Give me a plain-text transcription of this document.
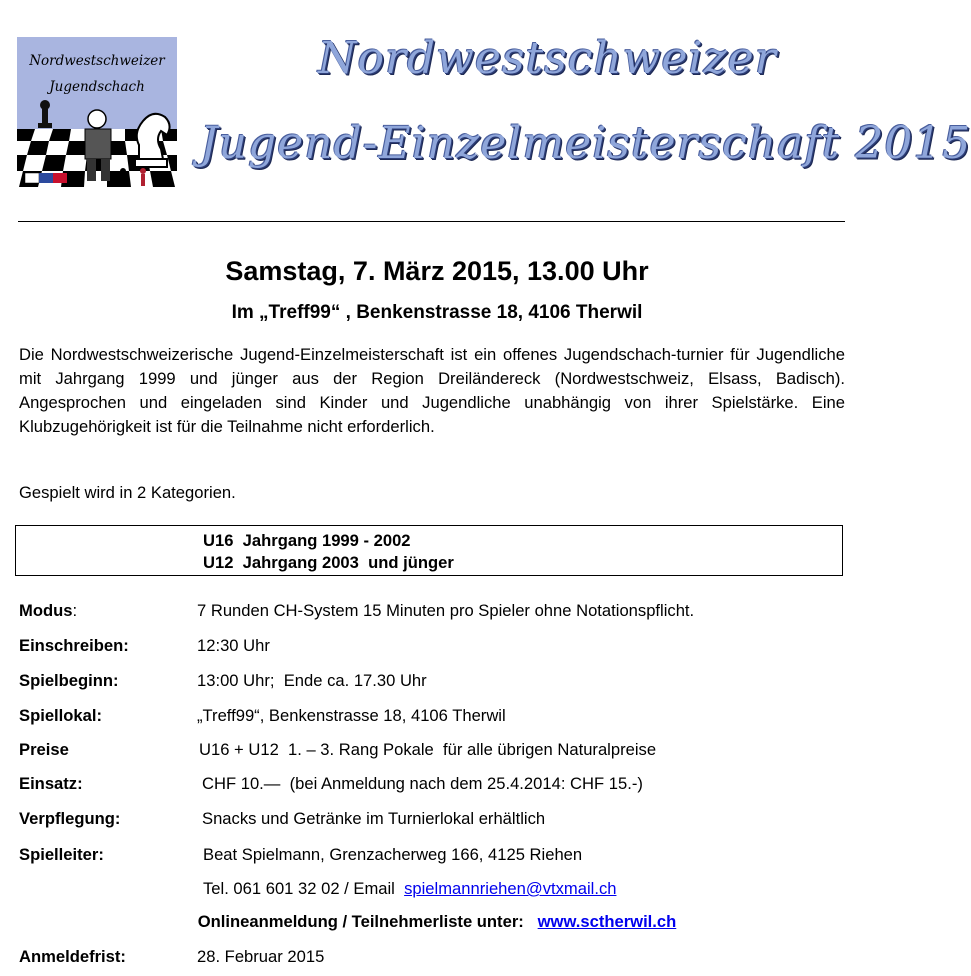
Nordwestschweizer
Jugendschach
Nordwestschweizer
Jugend-Einzelmeisterschaft 2015
Samstag, 7. März 2015, 13.00 Uhr
Im „Treff99“ , Benkenstrasse 18, 4106 Therwil
Die Nordwestschweizerische Jugend-Einzelmeisterschaft ist ein offenes Jugendschach-turnier für Jugendliche mit Jahrgang 1999 und jünger aus der Region Dreiländereck (Nordwestschweiz, Elsass, Badisch). Angesprochen und eingeladen sind Kinder und Jugendliche unabhängig von ihrer Spielstärke. Eine Klubzugehörigkeit ist für die Teilnahme nicht erforderlich.
Gespielt wird in 2 Kategorien.
U16  Jahrgang 1999 - 2002
U12  Jahrgang 2003  und jünger
Modus:	7 Runden CH-System 15 Minuten pro Spieler ohne Notationspflicht.
Einschreiben:	12:30 Uhr
Spielbeginn:	13:00 Uhr;  Ende ca. 17.30 Uhr
Spiellokal:	„Treff99“, Benkenstrasse 18, 4106 Therwil
Preise	U16 + U12  1. – 3. Rang Pokale  für alle übrigen Naturalpreise
Einsatz:	CHF 10.—  (bei Anmeldung nach dem 25.4.2014: CHF 15.-)
Verpflegung:	Snacks und Getränke im Turnierlokal erhältlich
Spielleiter:	Beat Spielmann, Grenzacherweg 166, 4125 Riehen
Tel. 061 601 32 02 / Email  spielmannriehen@vtxmail.ch
Onlineanmeldung / Teilnehmerliste unter:   www.sctherwil.ch
Anmeldefrist:	28. Februar 2015
